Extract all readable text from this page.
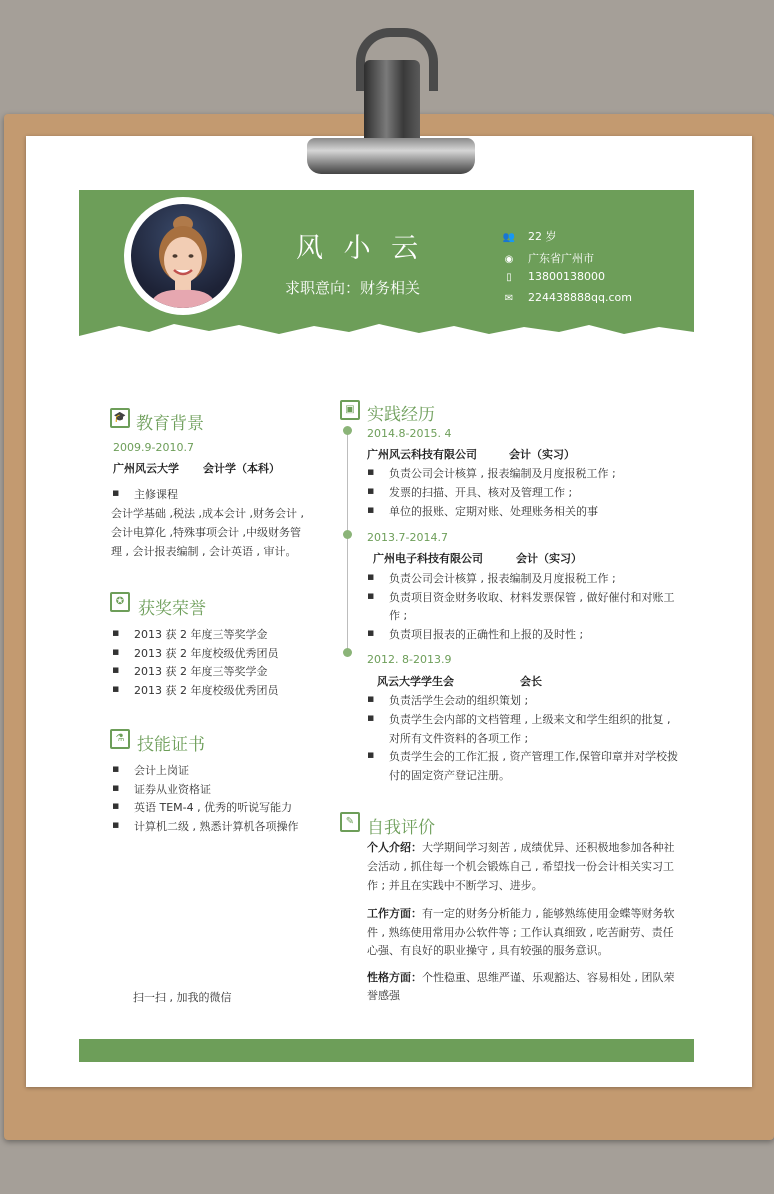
风 小 云
求职意向：财务相关
👥 22 岁
◉ 广东省广州市
▯ 13800138000
✉ 224438888qq.com
🎓 教育背景
2009.9-2010.7
广州风云大学 会计学（本科）
▪ 主修课程
会计学基础 ,税法 ,成本会计 ,财务会计 ,
会计电算化 ,特殊事项会计 ,中级财务管
理 , 会计报表编制 , 会计英语 , 审计。
✪ 获奖荣誉
▪ 2013 获 2 年度三等奖学金
▪ 2013 获 2 年度校级优秀团员
▪ 2013 获 2 年度三等奖学金
▪ 2013 获 2 年度校级优秀团员
⚗ 技能证书
▪ 会计上岗证
▪ 证券从业资格证
▪ 英语 TEM-4 , 优秀的听说写能力
▪ 计算机二级 , 熟悉计算机各项操作
扫一扫 , 加我的微信
▣ 实践经历
2014.8-2015. 4
广州风云科技有限公司	会计（实习）
▪ 负责公司会计核算 , 报表编制及月度报税工作 ;
▪ 发票的扫描、开具、核对及管理工作 ;
▪ 单位的报账、定期对账、处理账务相关的事
2013.7-2014.7
广州电子科技有限公司	会计（实习）
▪ 负责公司会计核算 , 报表编制及月度报税工作 ;
▪ 负责项目资金财务收取、材料发票保管 , 做好催付和对账工
作 ;
▪ 负责项目报表的正确性和上报的及时性 ;
2012. 8-2013.9
风云大学学生会	会长
▪ 负责活学生会动的组织策划 ;
▪ 负责学生会内部的文档管理 , 上级来文和学生组织的批复 ,
对所有文件资料的各项工作 ;
▪ 负责学生会的工作汇报 , 资产管理工作,保管印章并对学校拨
付的固定资产登记注册。
✎ 自我评价
个人介绍：大学期间学习刻苦 , 成绩优异、还积极地参加各种社
会活动 , 抓住每一个机会锻炼自己 , 希望找一份会计相关实习工
作 ; 并且在实践中不断学习、进步。
工作方面：有一定的财务分析能力 , 能够熟练使用金蝶等财务软
件 , 熟练使用常用办公软件等 ; 工作认真细致 , 吃苦耐劳、责任
心强、有良好的职业操守 , 具有较强的服务意识。
性格方面：个性稳重、思维严谨、乐观豁达、容易相处 , 团队荣
誉感强
